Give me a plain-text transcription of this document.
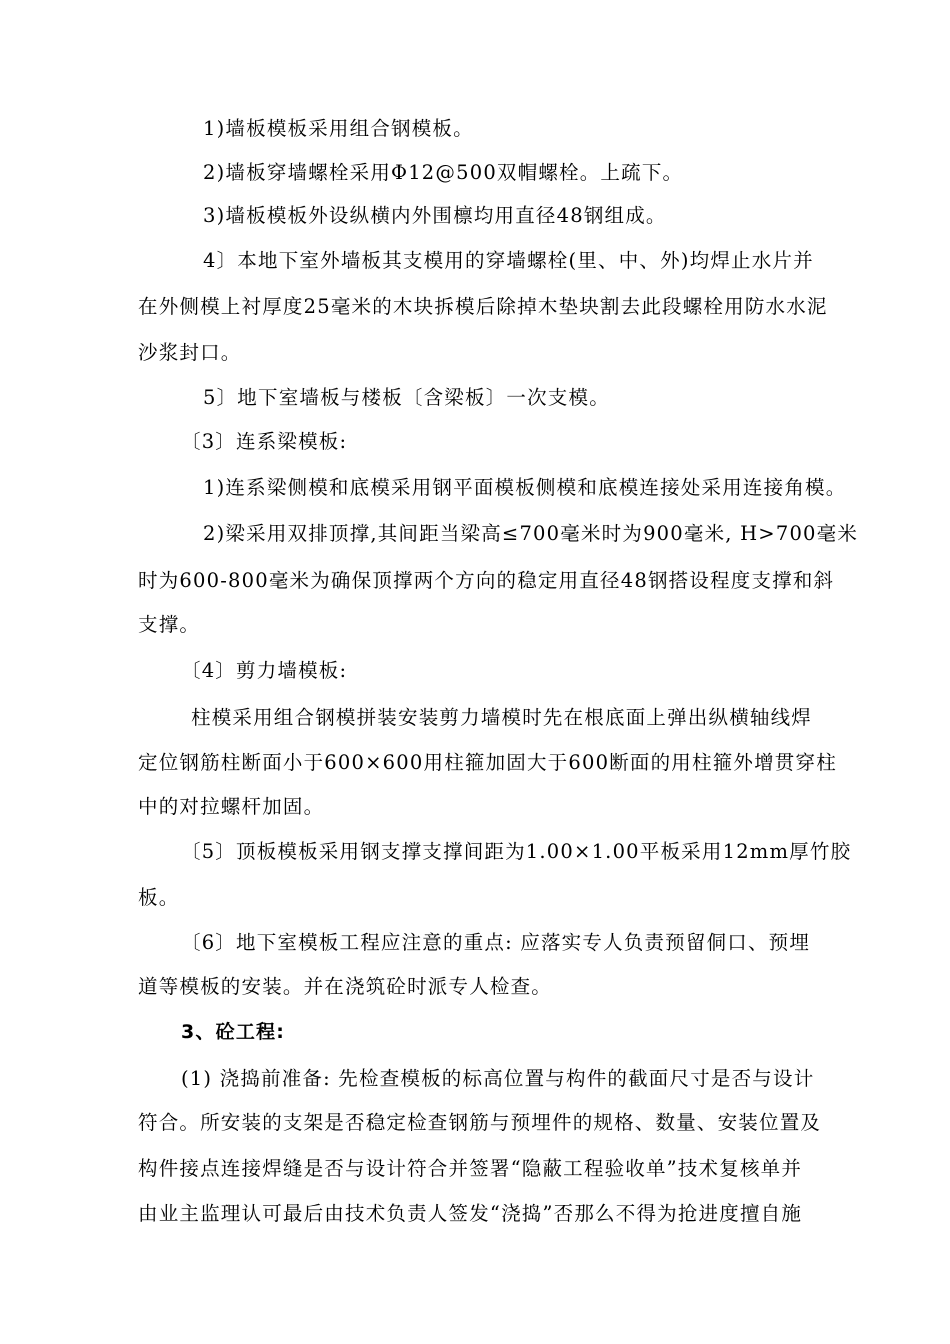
1)墙板模板采用组合钢模板。
2)墙板穿墙螺栓采用Φ12@500双帽螺栓。上疏下。
3)墙板模板外设纵横内外围檩均用直径48钢组成。
4〕本地下室外墙板其支模用的穿墙螺栓(里、中、外)均焊止水片并
在外侧模上衬厚度25毫米的木块拆模后除掉木垫块割去此段螺栓用防水水泥
沙浆封口。
5〕地下室墙板与楼板〔含梁板〕一次支模。
〔3〕连系梁模板:
1)连系梁侧模和底模采用钢平面模板侧模和底模连接处采用连接角模。
2)梁采用双排顶撑,其间距当梁高≤700毫米时为900毫米, H>700毫米
时为600-800毫米为确保顶撑两个方向的稳定用直径48钢搭设程度支撑和斜
支撑。
〔4〕剪力墙模板:
柱模采用组合钢模拼装安装剪力墙模时先在根底面上弹出纵横轴线焊
定位钢筋柱断面小于600×600用柱箍加固大于600断面的用柱箍外增贯穿柱
中的对拉螺杆加固。
〔5〕顶板模板采用钢支撑支撑间距为1.00×1.00平板采用12mm厚竹胶
板。
〔6〕地下室模板工程应注意的重点: 应落实专人负责预留侗口、预埋
道等模板的安装。并在浇筑砼时派专人检查。
3、砼工程:
(1) 浇捣前准备: 先检查模板的标高位置与构件的截面尺寸是否与设计
符合。所安装的支架是否稳定检查钢筋与预埋件的规格、数量、安装位置及
构件接点连接焊缝是否与设计符合并签署“隐蔽工程验收单”技术复核单并
由业主监理认可最后由技术负责人签发“浇捣”否那么不得为抢进度擅自施
